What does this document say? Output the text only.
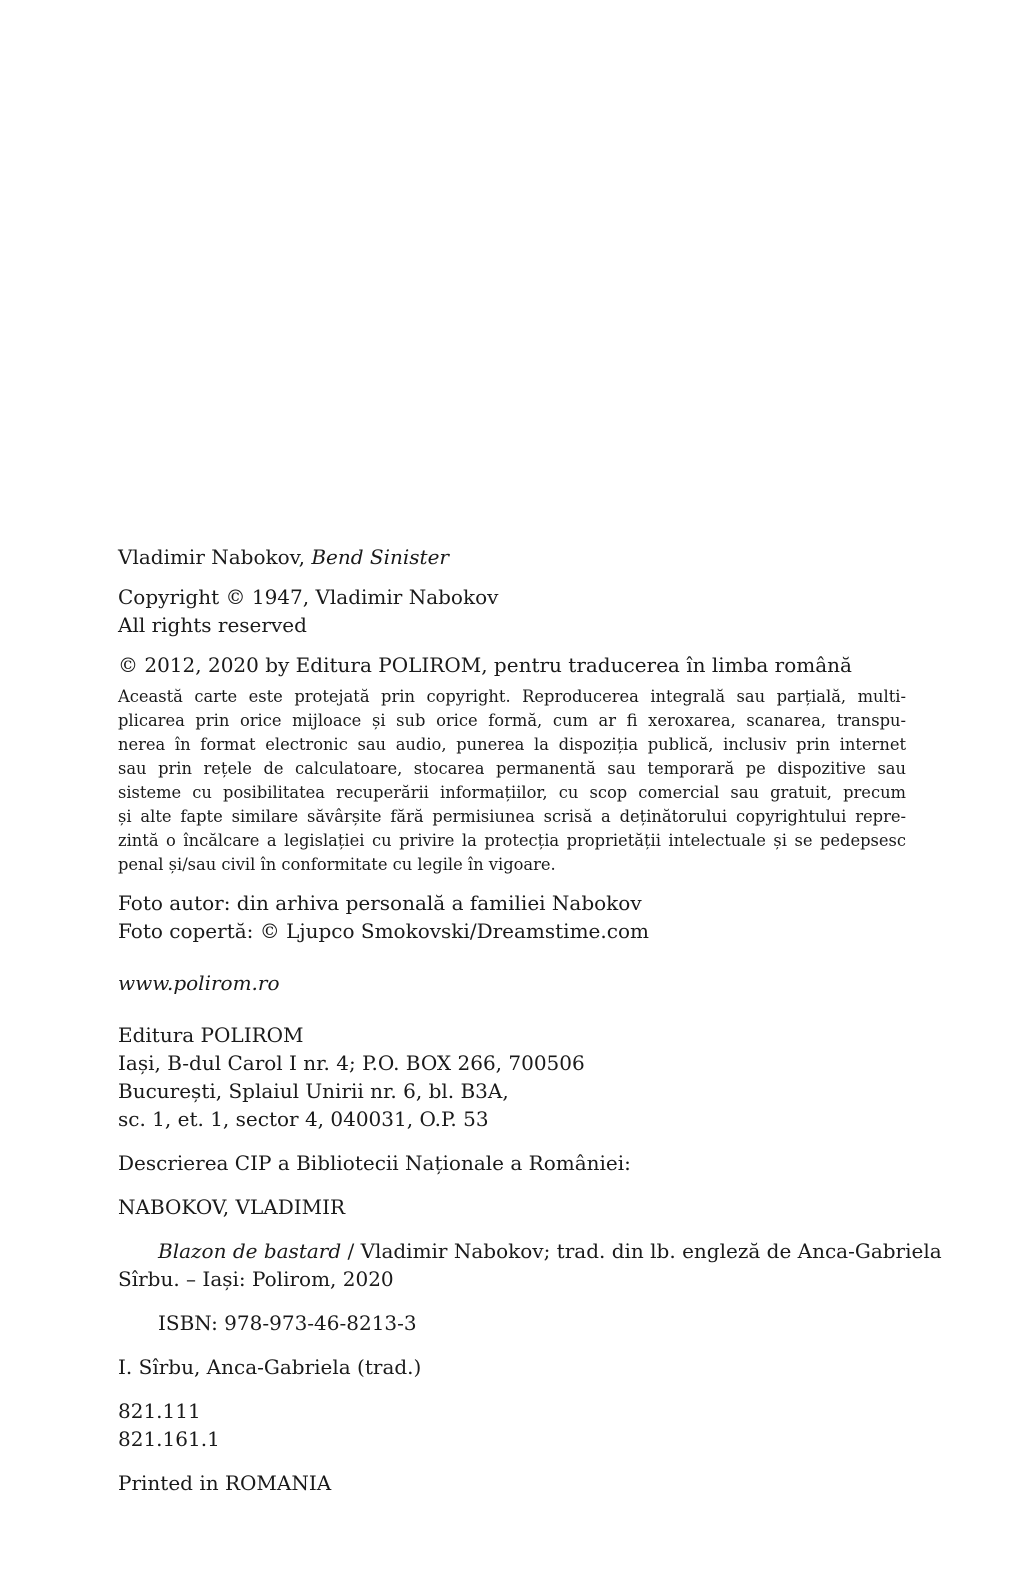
Vladimir Nabokov, Bend Sinister
Copyright © 1947, Vladimir Nabokov
All rights reserved
© 2012, 2020 by Editura POLIROM, pentru traducerea în limba română
Această carte este protejată prin copyright. Reproducerea integrală sau parțială, multi-
plicarea prin orice mijloace și sub orice formă, cum ar fi xeroxarea, scanarea, transpu-
nerea în format electronic sau audio, punerea la dispoziția publică, inclusiv prin internet
sau prin rețele de calculatoare, stocarea permanentă sau temporară pe dispozitive sau
sisteme cu posibilitatea recuperării informațiilor, cu scop comercial sau gratuit, precum
și alte fapte similare săvârșite fără permisiunea scrisă a deținătorului copyrightului repre-
zintă o încălcare a legislației cu privire la protecția proprietății intelectuale și se pedepsesc
penal și/sau civil în conformitate cu legile în vigoare.
Foto autor: din arhiva personală a familiei Nabokov
Foto copertă: © Ljupco Smokovski/Dreamstime.com
www.polirom.ro
Editura POLIROM
Iași, B-dul Carol I nr. 4; P.O. BOX 266, 700506
București, Splaiul Unirii nr. 6, bl. B3A,
sc. 1, et. 1, sector 4, 040031, O.P. 53
Descrierea CIP a Bibliotecii Naționale a României:
NABOKOV, VLADIMIR
Blazon de bastard / Vladimir Nabokov; trad. din lb. engleză de Anca-Gabriela
Sîrbu. – Iași: Polirom, 2020
ISBN: 978-973-46-8213-3
I. Sîrbu, Anca-Gabriela (trad.)
821.111
821.161.1
Printed in ROMANIA
